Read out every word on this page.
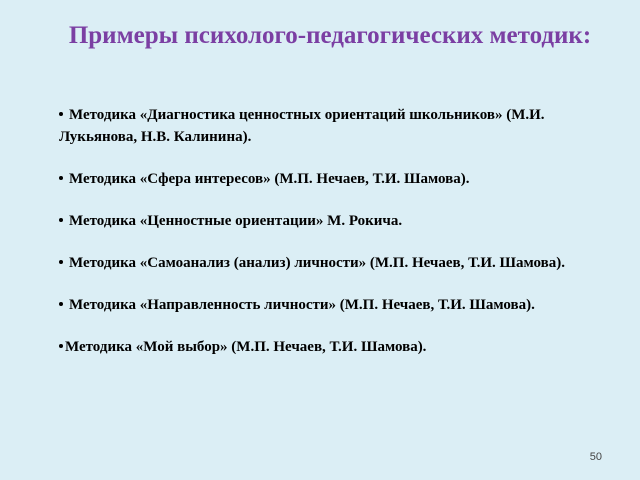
Примеры психолого-педагогических методик:
Методика «Диагностика ценностных ориентаций школьников» (М.И. Лукьянова, Н.В. Калинина).
Методика «Сфера интересов» (М.П. Нечаев, Т.И. Шамова).
Методика «Ценностные ориентации» М. Рокича.
Методика «Самоанализ (анализ) личности» (М.П. Нечаев, Т.И. Шамова).
Методика «Направленность личности» (М.П. Нечаев, Т.И. Шамова).
Методика «Мой выбор» (М.П. Нечаев, Т.И. Шамова).
50
